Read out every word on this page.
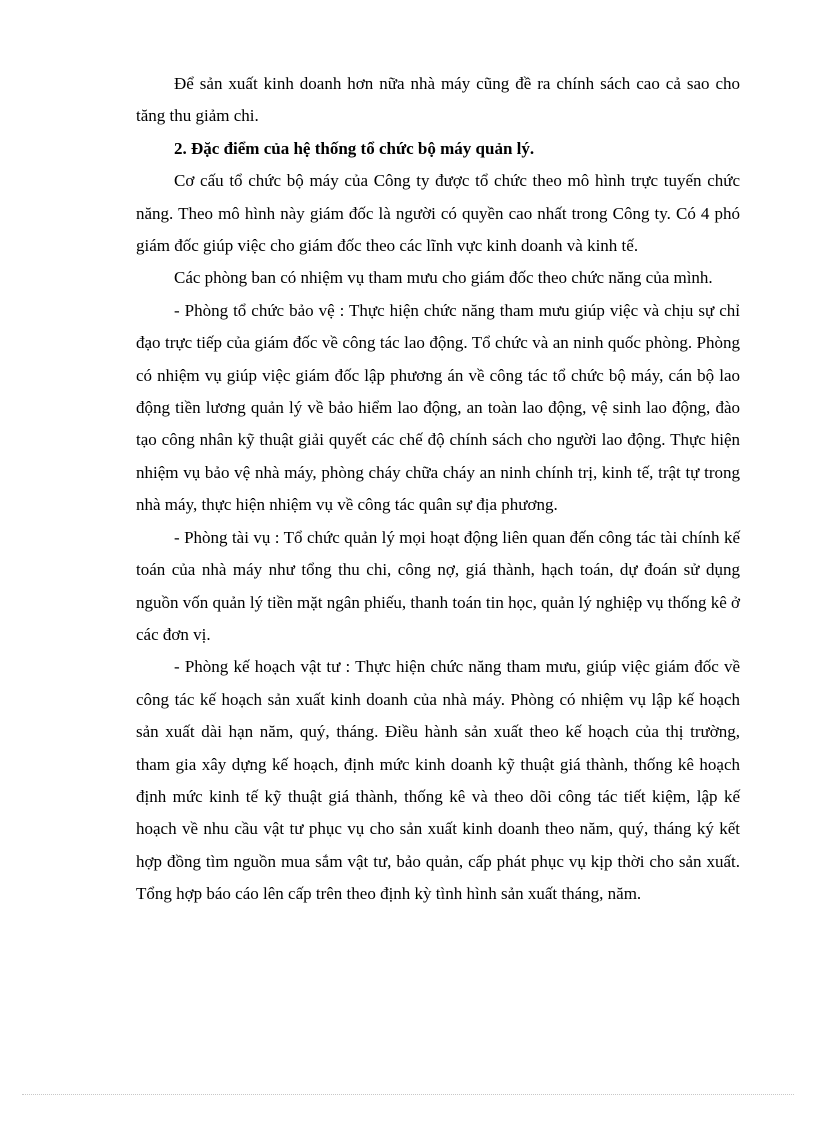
Để sản xuất kinh doanh hơn nữa nhà máy cũng đề ra chính sách cao cả sao cho tăng thu giảm chi.

2. Đặc điểm của hệ thống tổ chức bộ máy quản lý.

Cơ cấu tổ chức bộ máy của Công ty được tổ chức theo mô hình trực tuyến chức năng. Theo mô hình này giám đốc là người có quyền cao nhất trong Công ty. Có 4 phó giám đốc giúp việc cho giám đốc theo các lĩnh vực kinh doanh và kinh tế.

Các phòng ban có nhiệm vụ tham mưu cho giám đốc theo chức năng của mình.

- Phòng tổ chức bảo vệ : Thực hiện chức năng tham mưu giúp việc và chịu sự chỉ đạo trực tiếp của giám đốc về công tác lao động. Tổ chức và an ninh quốc phòng. Phòng có nhiệm vụ giúp việc giám đốc lập phương án về công tác tổ chức bộ máy, cán bộ lao động tiền lương quản lý về bảo hiểm lao động, an toàn lao động, vệ sinh lao động, đào tạo công nhân kỹ thuật giải quyết các chế độ chính sách cho người lao động. Thực hiện nhiệm vụ bảo vệ nhà máy, phòng cháy chữa cháy an ninh chính trị, kinh tế, trật tự trong nhà máy, thực hiện nhiệm vụ về công tác quân sự địa phương.

- Phòng tài vụ : Tổ chức quản lý mọi hoạt động liên quan đến công tác tài chính kế toán của nhà máy như tổng thu chi, công nợ, giá thành, hạch toán, dự đoán sử dụng nguồn vốn quản lý tiền mặt ngân phiếu, thanh toán tin học, quản lý nghiệp vụ thống kê ở các đơn vị.

- Phòng kế hoạch vật tư : Thực hiện chức năng tham mưu, giúp việc giám đốc về công tác kế hoạch sản xuất kinh doanh của nhà máy. Phòng có nhiệm vụ lập kế hoạch sản xuất dài hạn năm, quý, tháng. Điều hành sản xuất theo kế hoạch của thị trường, tham gia xây dựng kế hoạch, định mức kinh doanh kỹ thuật giá thành, thống kê hoạch định mức kinh tế kỹ thuật giá thành, thống kê và theo dõi công tác tiết kiệm, lập kế hoạch về nhu cầu vật tư phục vụ cho sản xuất kinh doanh theo năm, quý, tháng ký kết hợp đồng tìm nguồn mua sắm vật tư, bảo quản, cấp phát phục vụ kịp thời cho sản xuất. Tổng hợp báo cáo lên cấp trên theo định kỳ tình hình sản xuất tháng, năm.
